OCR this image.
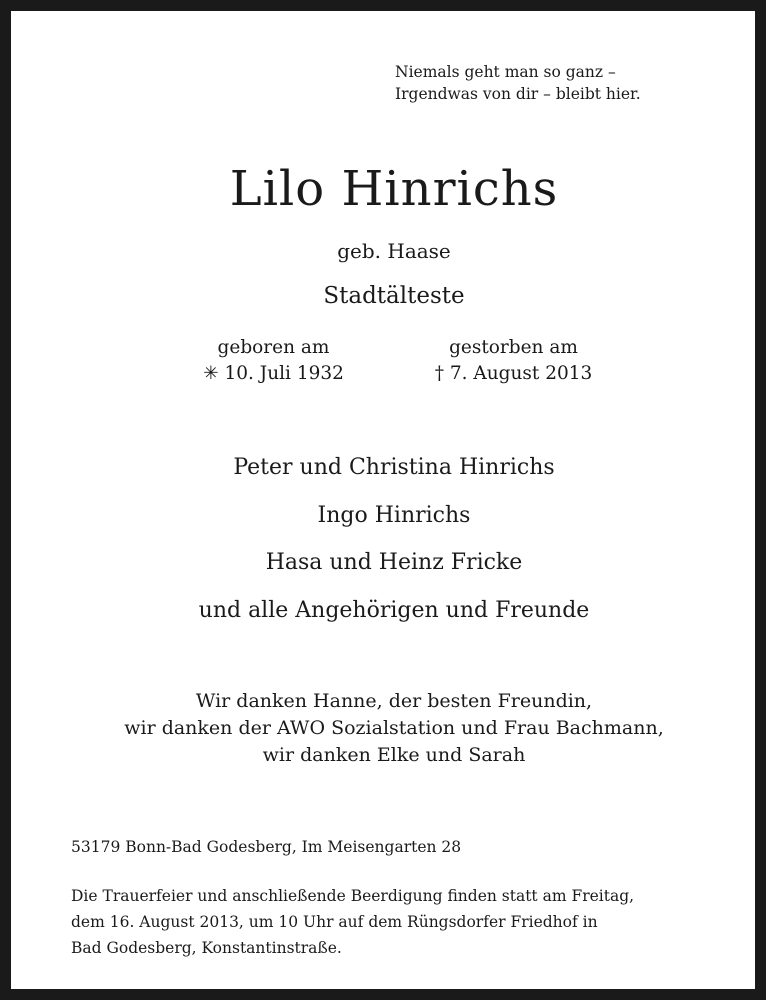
Niemals geht man so ganz –
Irgendwas von dir – bleibt hier.
Lilo Hinrichs
geb. Haase
Stadtälteste
geboren am
✳ 10. Juli 1932
gestorben am
† 7. August 2013
Peter und Christina Hinrichs
Ingo Hinrichs
Hasa und Heinz Fricke
und alle Angehörigen und Freunde
Wir danken Hanne, der besten Freundin,
wir danken der AWO Sozialstation und Frau Bachmann,
wir danken Elke und Sarah
53179 Bonn-Bad Godesberg, Im Meisengarten 28
Die Trauerfeier und anschließende Beerdigung finden statt am Freitag,
dem 16. August 2013, um 10 Uhr auf dem Rüngsdorfer Friedhof in
Bad Godesberg, Konstantinstraße.
